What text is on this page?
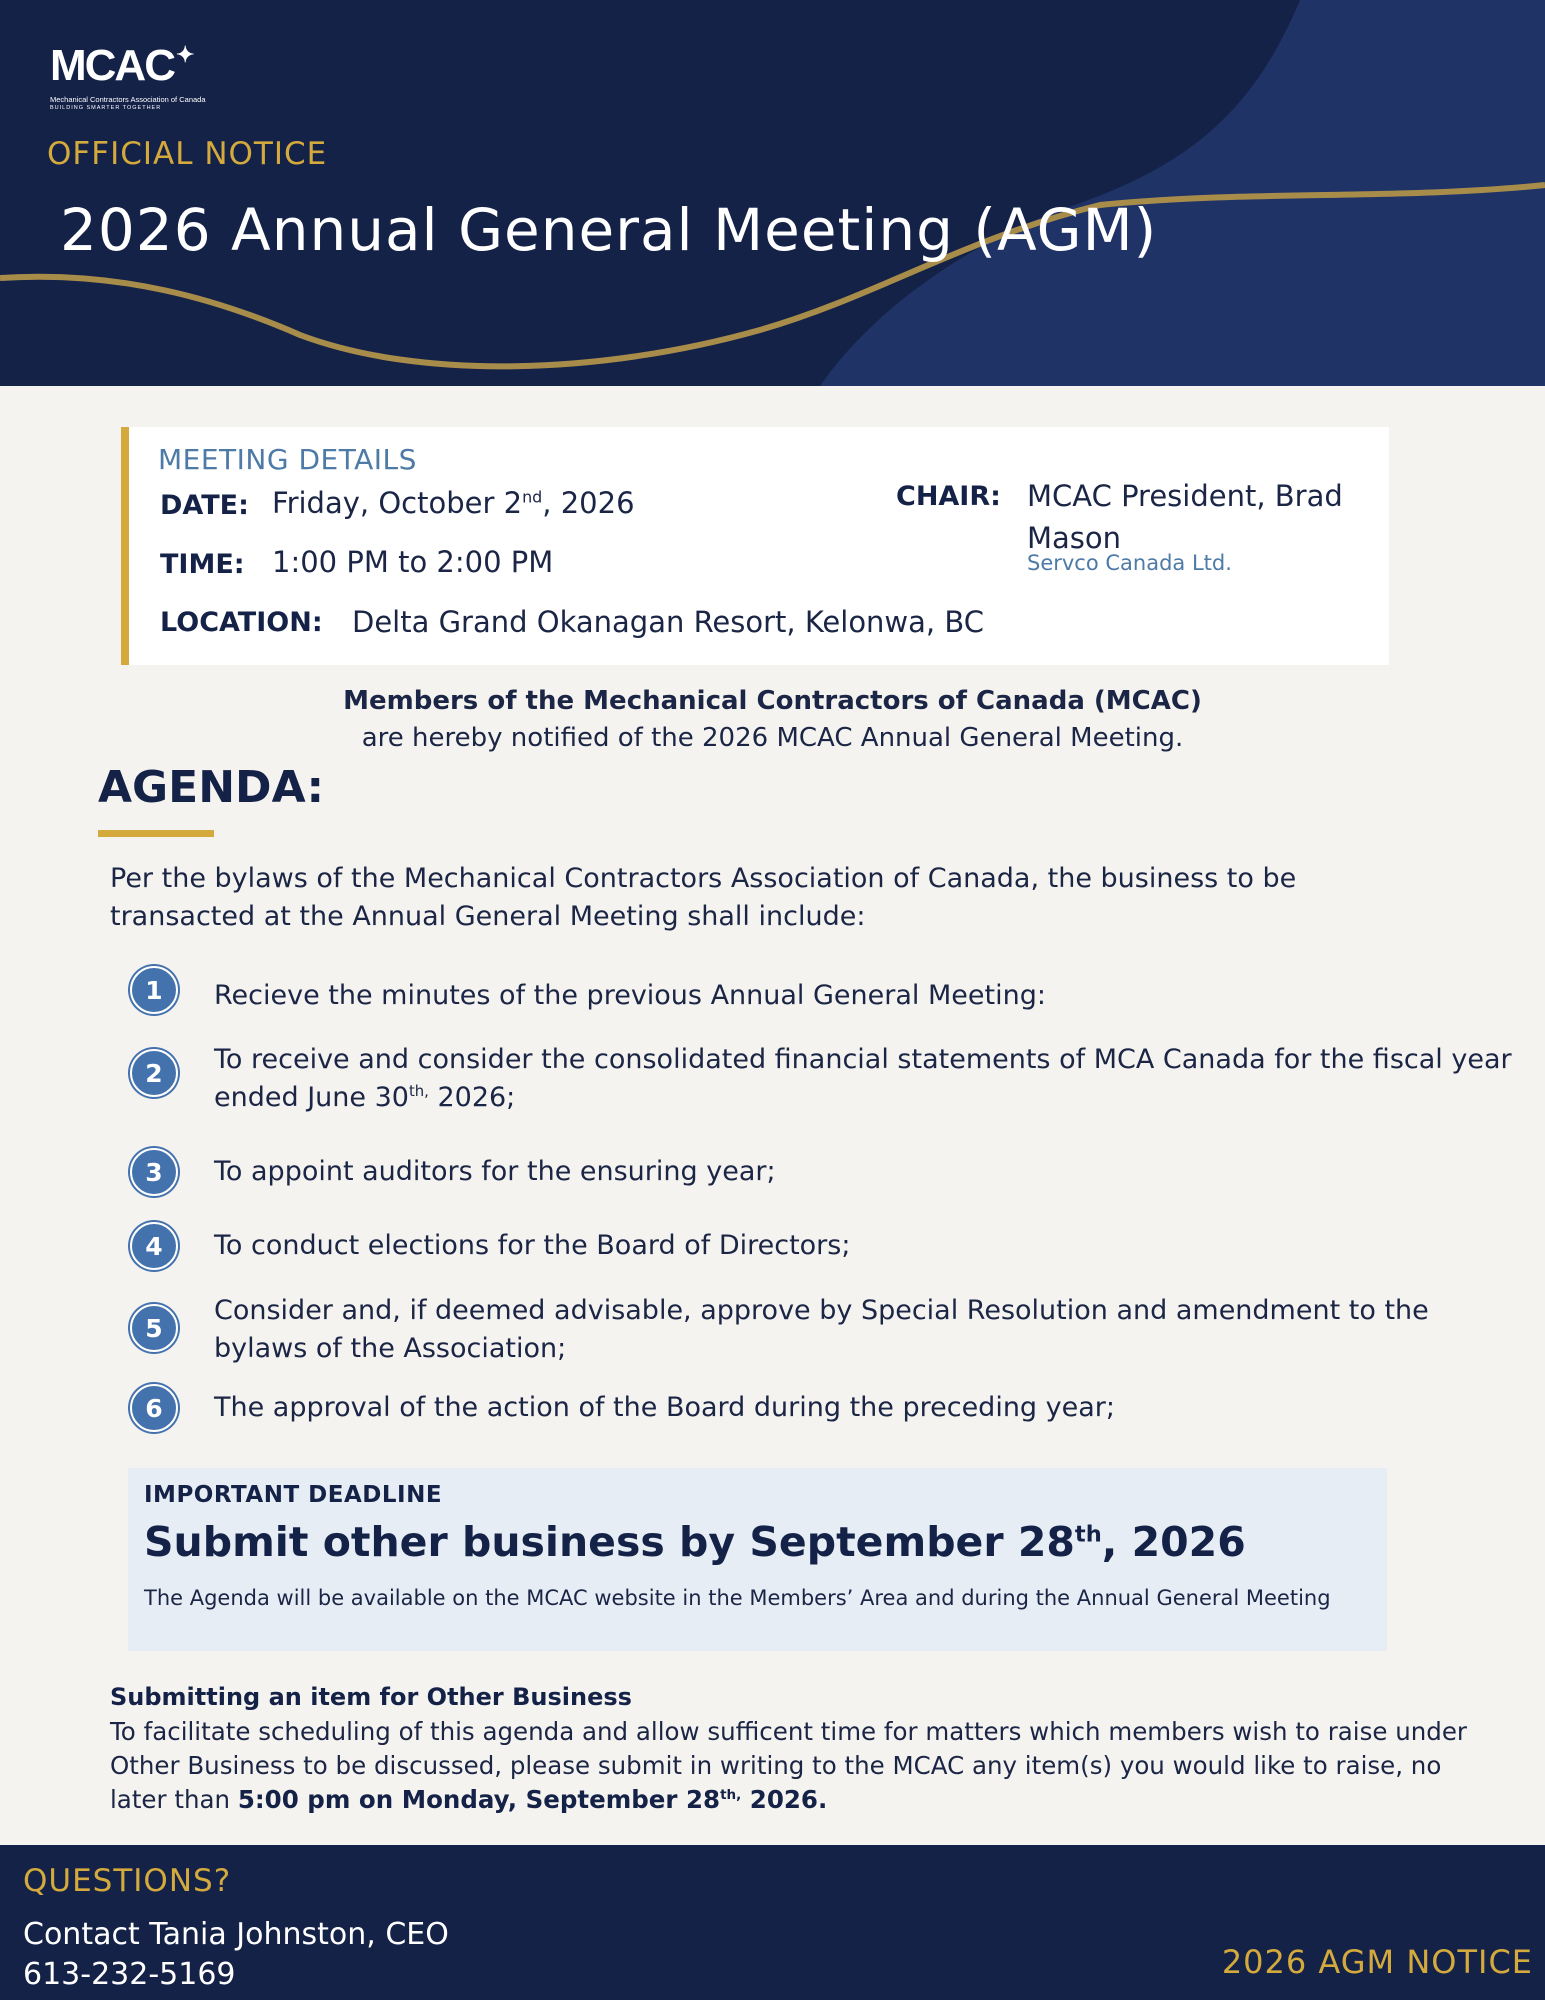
MCAC✦
Mechanical Contractors Association of Canada
BUILDING SMARTER TOGETHER
OFFICIAL NOTICE
2026 Annual General Meeting (AGM)
MEETING DETAILS
DATE: Friday, October 2nd, 2026
TIME: 1:00 PM to 2:00 PM
LOCATION: Delta Grand Okanagan Resort, Kelonwa, BC
CHAIR: MCAC President, Brad Mason
Servco Canada Ltd.
Members of the Mechanical Contractors of Canada (MCAC)
are hereby notified of the 2026 MCAC Annual General Meeting.
AGENDA:
Per the bylaws of the Mechanical Contractors Association of Canada, the business to be transacted at the Annual General Meeting shall include:
1	Recieve the minutes of the previous Annual General Meeting:
2	To receive and consider the consolidated financial statements of MCA Canada for the fiscal year ended June $30^{th,}$ 2026;
3	To appoint auditors for the ensuring year;
4	To conduct elections for the Board of Directors;
5
Consider and, if deemed advisable, approve by Special Resolution and amendment to the bylaws of the Association;
6	The approval of the action of the Board during the preceding year;
IMPORTANT DEADLINE
Submit other business by September 28th, 2026
The Agenda will be available on the MCAC website in the Members’ Area and during the Annual General Meeting
Submitting an item for Other Business
To facilitate scheduling of this agenda and allow sufficent time for matters which members wish to raise under Other Business to be discussed, please submit in writing to the MCAC any item(s) you would like to raise, no later than 5:00 pm on Monday, September $28^{th,}$ 2026.
QUESTIONS?
Contact Tania Johnston, CEO
613-232-5169	2026 AGM NOTICE
